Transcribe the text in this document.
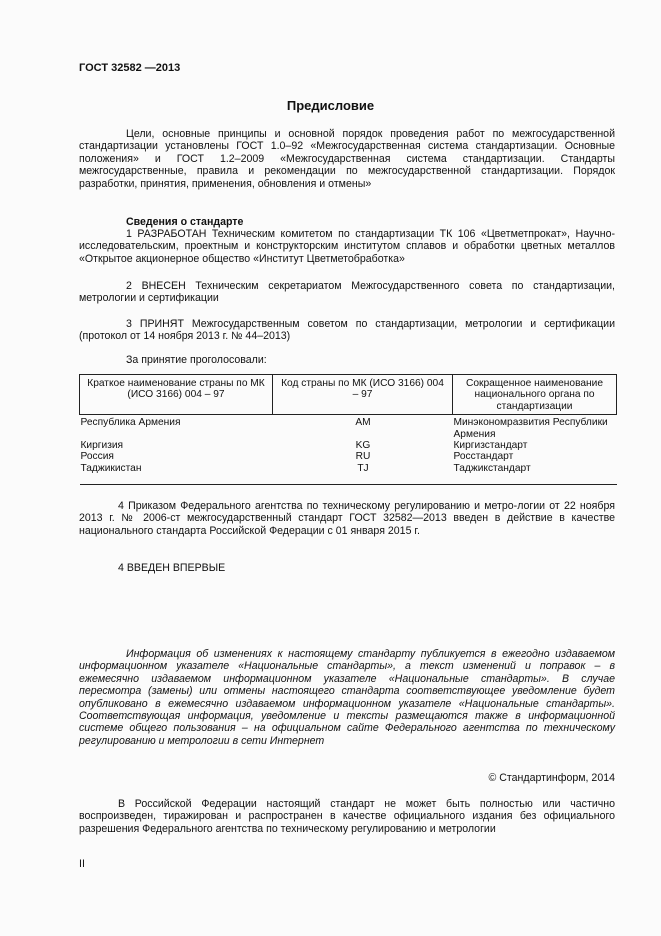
ГОСТ 32582 —2013
Предисловие
Цели, основные принципы и основной порядок проведения работ по межгосударственной стандартизации установлены ГОСТ 1.0–92 «Межгосударственная система стандартизации. Основные положения» и ГОСТ 1.2–2009 «Межгосударственная система стандартизации. Стандарты межгосударственные, правила и рекомендации по межгосударственной стандартизации. Порядок разработки, принятия, применения, обновления и отмены»
Сведения о стандарте
1 РАЗРАБОТАН Техническим комитетом по стандартизации ТК 106 «Цветметпрокат», Научно-исследовательским, проектным и конструкторским институтом сплавов и обработки цветных металлов «Открытое акционерное общество «Институт Цветметобработка»
2 ВНЕСЕН Техническим секретариатом Межгосударственного совета по стандартизации, метрологии и сертификации
3 ПРИНЯТ Межгосударственным советом по стандартизации, метрологии и сертификации (протокол от 14 ноября 2013 г. № 44–2013)
За принятие проголосовали:
Краткое наименование страны по МК (ИСО 3166) 004 – 97	Код страны по МК (ИСО 3166) 004 – 97	Сокращенное наименование национального органа по стандартизации
Республика Армения	AM	Минэкономразвития Республики Армения
Киргизия	KG	Киргизстандарт
Россия	RU	Росстандарт
Таджикистан	TJ	Таджикстандарт
4 Приказом Федерального агентства по техническому регулированию и метро-логии от 22 ноября 2013 г. № 2006-ст межгосударственный стандарт ГОСТ 32582—2013 введен в действие в качестве национального стандарта Российской Федерации с 01 января 2015 г.
4 ВВЕДЕН ВПЕРВЫЕ
Информация об изменениях к настоящему стандарту публикуется в ежегодно издаваемом информационном указателе «Национальные стандарты», а текст изменений и поправок – в ежемесячно издаваемом информационном указателе «Национальные стандарты». В случае пересмотра (замены) или отмены настоящего стандарта соответствующее уведомление будет опубликовано в ежемесячно издаваемом информационном указателе «Национальные стандарты». Соответствующая информация, уведомление и тексты размещаются также в информационной системе общего пользования – на официальном сайте Федерального агентства по техническому регулированию и метрологии в сети Интернет
© Стандартинформ, 2014
В Российской Федерации настоящий стандарт не может быть полностью или частично воспроизведен, тиражирован и распространен в качестве официального издания без официального разрешения Федерального агентства по техническому регулированию и метрологии
II
